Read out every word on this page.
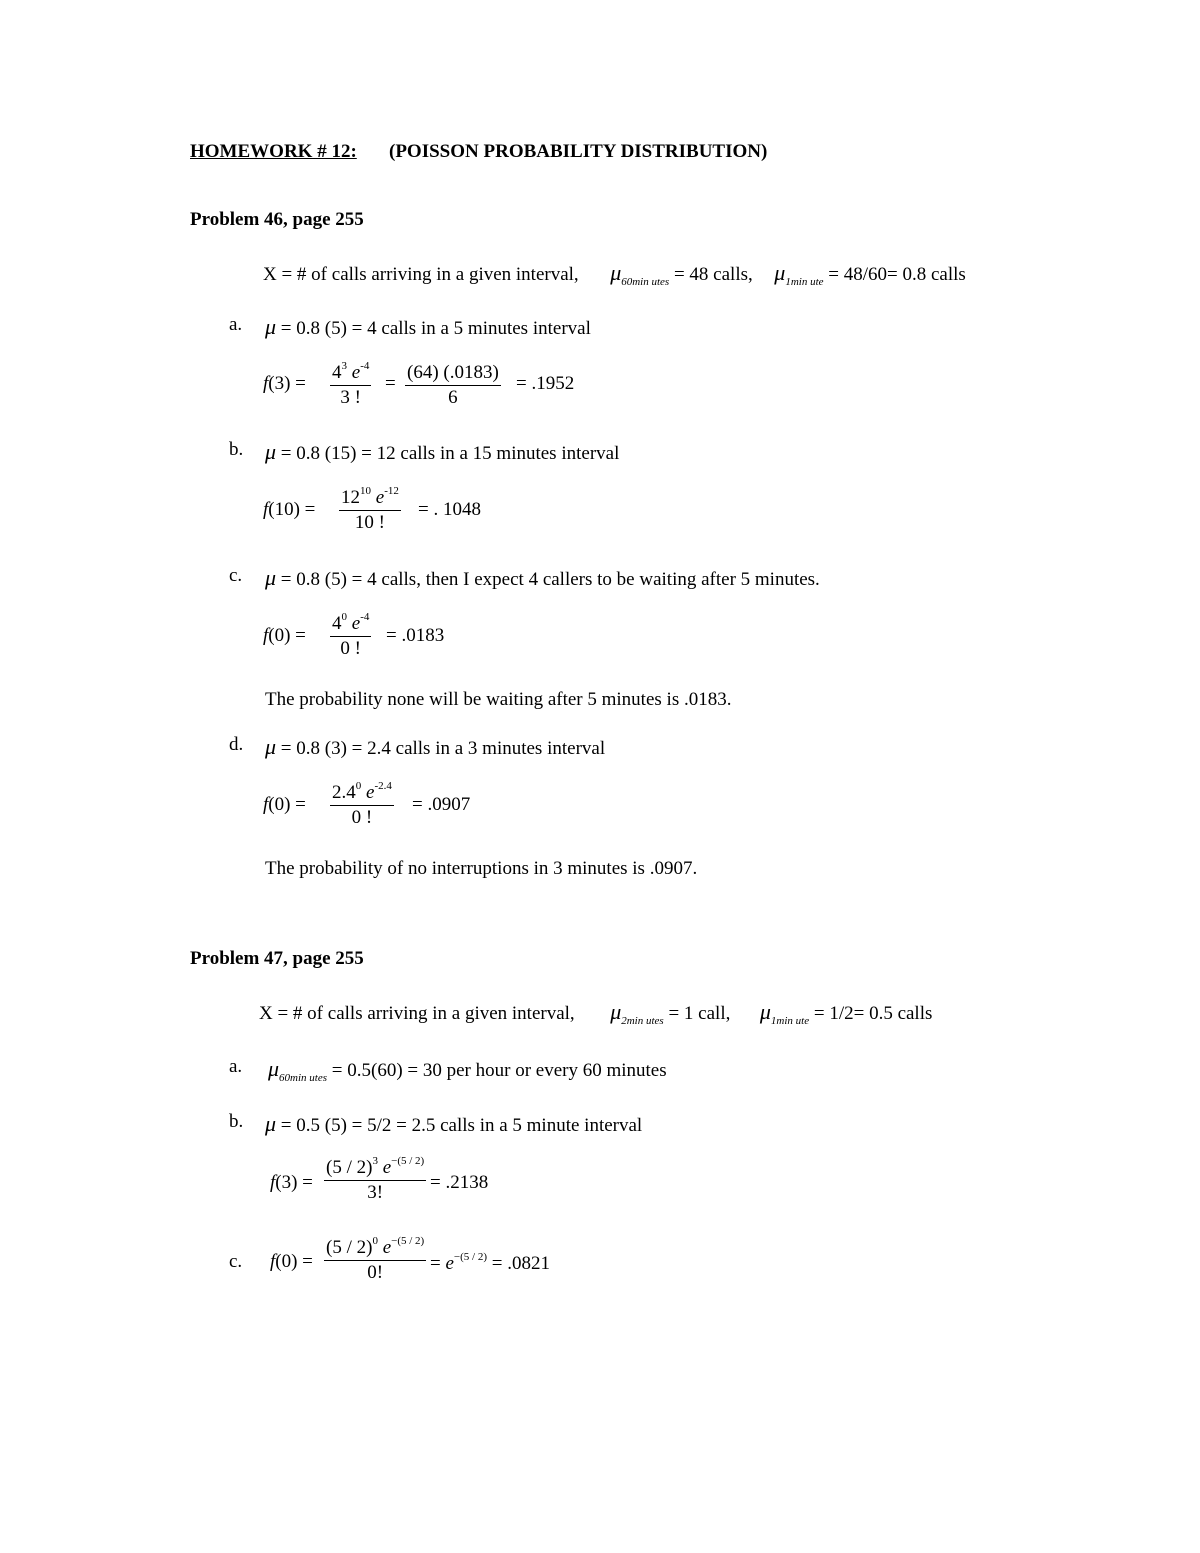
HOMEWORK # 12: (POISSON PROBABILITY DISTRIBUTION)
Problem 46, page 255
X = # of calls arriving in a given interval, $\mu_{60min utes} = 48$ calls, $\mu_{1min ute} = 48/60= 0.8$ calls
a. μ = 0.8 (5) = 4 calls in a 5 minutes interval
$f(3) = \frac{4^3 e^{-4}}{3 !} = \frac{(64) (.0183)}{6} = .1952$
b. μ = 0.8 (15) = 12 calls in a 15 minutes interval
$f(10) = \frac{12^{10} e^{-12}}{10 !}$ = . 1048
c. μ = 0.8 (5) = 4 calls, then I expect 4 callers to be waiting after 5 minutes.
$f(0) = \frac{4^0 e^{-4}}{0 !} = .0183$
The probability none will be waiting after 5 minutes is .0183.
d. μ = 0.8 (3) = 2.4 calls in a 3 minutes interval
$f(0) = \frac{2.4^0 e^{-2.4}}{0 !} = .0907$
The probability of no interruptions in 3 minutes is .0907.
Problem 47, page 255
X = # of calls arriving in a given interval, $\mu_{2min utes} = 1$ call, $\mu_{1min ute} = 1/2= 0.5$ calls
a. $\mu_{60min utes} = 0.5(60) = 30$ per hour or every 60 minutes
b. μ = 0.5 (5) = 5/2 = 2.5 calls in a 5 minute interval
$f(3) = \frac{(5 / 2)^3 e^{-(5 / 2)}}{3!} = .2138$
c. $f(0) = \frac{(5 / 2)^0 e^{-(5 / 2)}}{0!} = e^{-(5 / 2)} = .0821$
